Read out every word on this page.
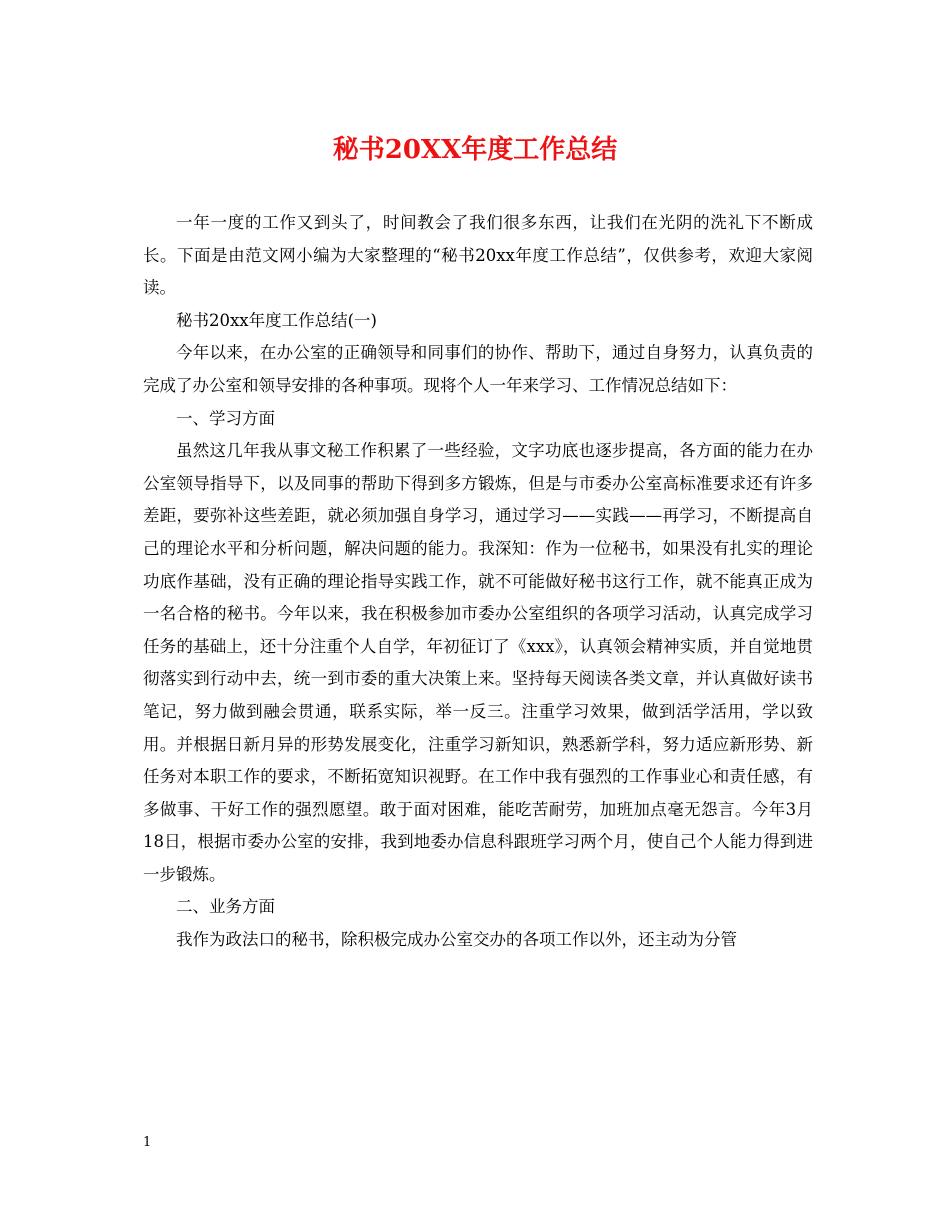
秘书20XX年度工作总结

一年一度的工作又到头了，时间教会了我们很多东西，让我们在光阴的洗礼下不断成长。下面是由范文网小编为大家整理的“秘书20xx年度工作总结”，仅供参考，欢迎大家阅读。

秘书20xx年度工作总结(一)

今年以来，在办公室的正确领导和同事们的协作、帮助下，通过自身努力，认真负责的完成了办公室和领导安排的各种事项。现将个人一年来学习、工作情况总结如下：

一、学习方面

虽然这几年我从事文秘工作积累了一些经验，文字功底也逐步提高，各方面的能力在办公室领导指导下，以及同事的帮助下得到多方锻炼，但是与市委办公室高标准要求还有许多差距，要弥补这些差距，就必须加强自身学习，通过学习——实践——再学习，不断提高自己的理论水平和分析问题，解决问题的能力。我深知：作为一位秘书，如果没有扎实的理论功底作基础，没有正确的理论指导实践工作，就不可能做好秘书这行工作，就不能真正成为一名合格的秘书。今年以来，我在积极参加市委办公室组织的各项学习活动，认真完成学习任务的基础上，还十分注重个人自学，年初征订了《xxx》，认真领会精神实质，并自觉地贯彻落实到行动中去，统一到市委的重大决策上来。坚持每天阅读各类文章，并认真做好读书笔记，努力做到融会贯通，联系实际，举一反三。注重学习效果，做到活学活用，学以致用。并根据日新月异的形势发展变化，注重学习新知识，熟悉新学科，努力适应新形势、新任务对本职工作的要求，不断拓宽知识视野。在工作中我有强烈的工作事业心和责任感，有多做事、干好工作的强烈愿望。敢于面对困难，能吃苦耐劳，加班加点毫无怨言。今年3月18日，根据市委办公室的安排，我到地委办信息科跟班学习两个月，使自己个人能力得到进一步锻炼。

二、业务方面

我作为政法口的秘书，除积极完成办公室交办的各项工作以外，还主动为分管

1
